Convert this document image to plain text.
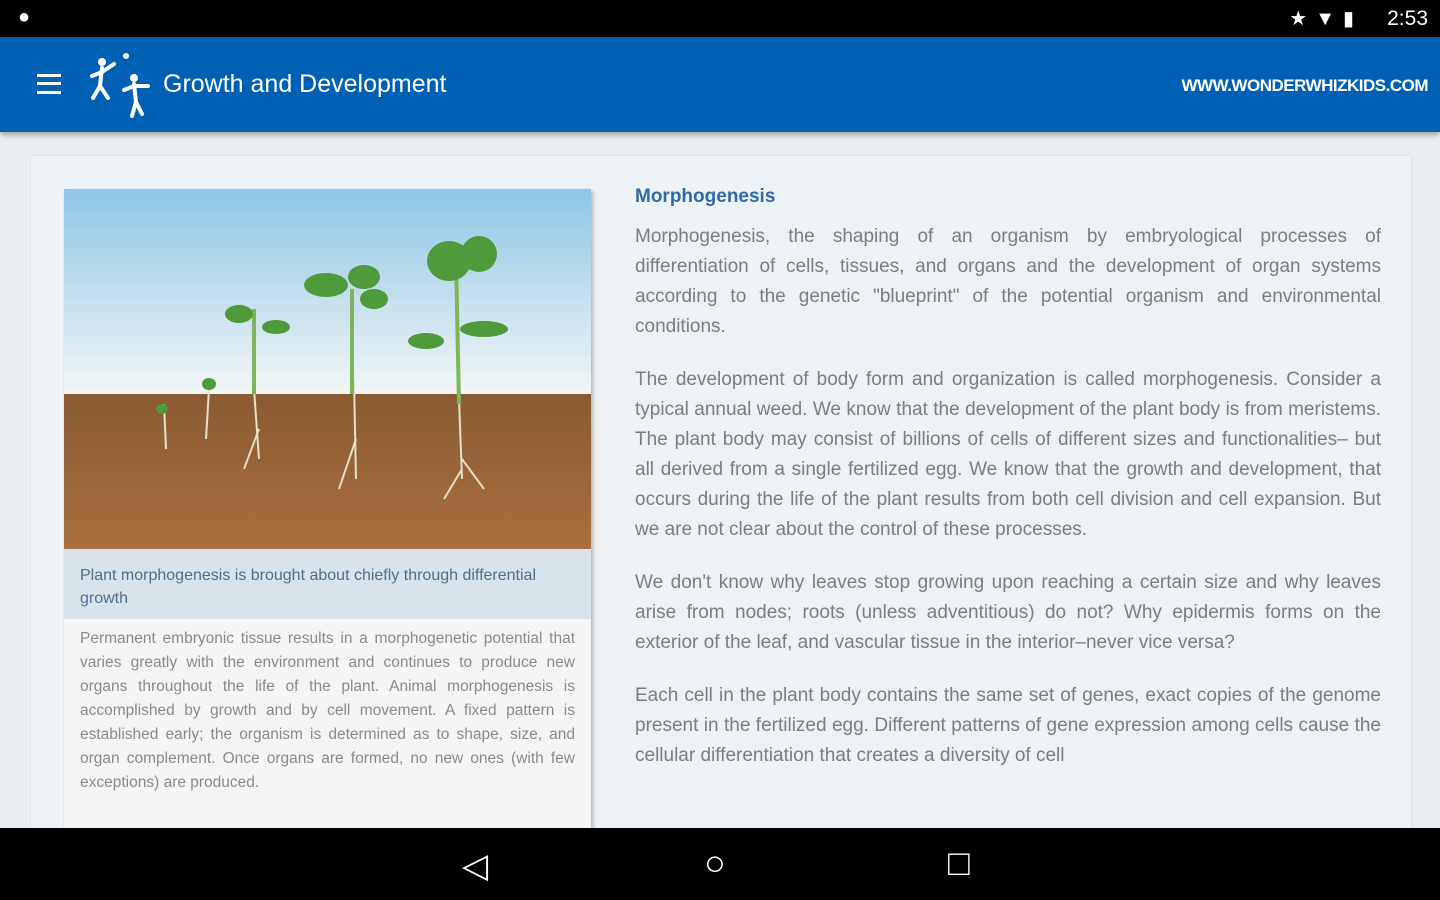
●	★▼▮ 2:53
Growth and Development	WWW.WONDERWHIZKIDS.COM
Plant morphogenesis is brought about chiefly through differential growth
Permanent embryonic tissue results in a morphogenetic potential that varies greatly with the environment and continues to produce new organs throughout the life of the plant. Animal morphogenesis is accomplished by growth and by cell movement. A fixed pattern is established early; the organism is determined as to shape, size, and organ complement. Once organs are formed, no new ones (with few exceptions) are produced.
Morphogenesis

Morphogenesis, the shaping of an organism by embryological processes of differentiation of cells, tissues, and organs and the development of organ systems according to the genetic "blueprint" of the potential organism and environmental conditions.

The development of body form and organization is called morphogenesis. Consider a typical annual weed. We know that the development of the plant body is from meristems. The plant body may consist of billions of cells of different sizes and functionalities– but all derived from a single fertilized egg. We know that the growth and development, that occurs during the life of the plant results from both cell division and cell expansion. But we are not clear about the control of these processes.

We don't know why leaves stop growing upon reaching a certain size and why leaves arise from nodes; roots (unless adventitious) do not? Why epidermis forms on the exterior of the leaf, and vascular tissue in the interior–never vice versa?

Each cell in the plant body contains the same set of genes, exact copies of the genome present in the fertilized egg. Different patterns of gene expression among cells cause the cellular differentiation that creates a diversity of cell

◁	○	□
